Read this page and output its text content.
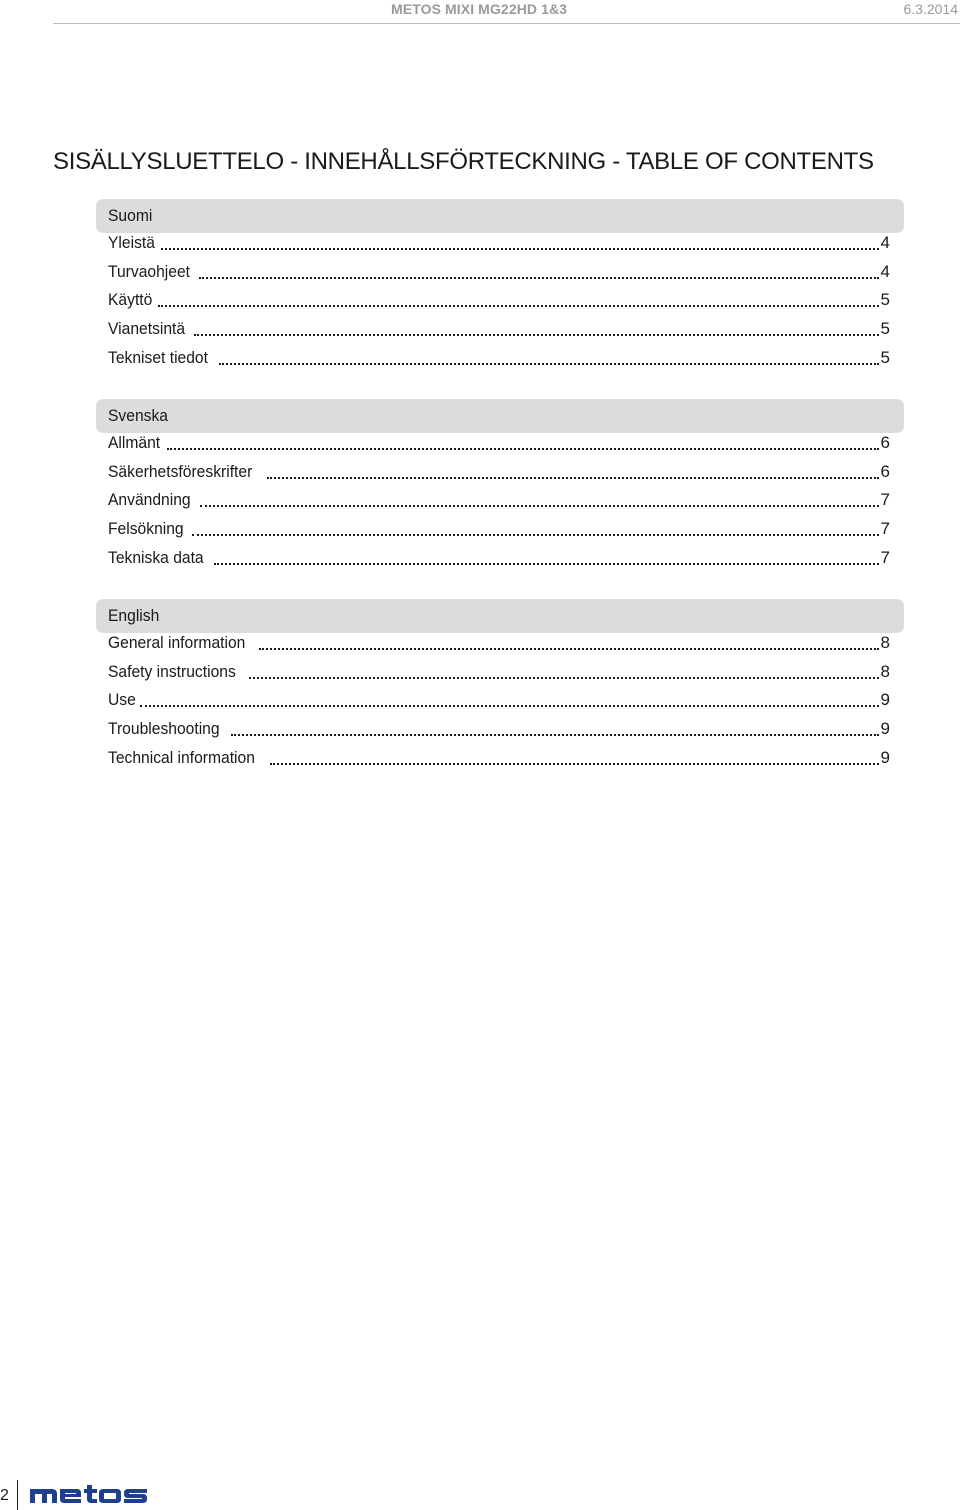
METOS MIXI MG22HD 1&3	6.3.2014
SISÄLLYSLUETTELO - INNEHÅLLSFÖRTECKNING - TABLE OF CONTENTS
Suomi
Yleistä	4
Turvaohjeet	4
Käyttö	5
Vianetsintä	5
Tekniset tiedot	5
Svenska
Allmänt	6
Säkerhetsföreskrifter	6
Användning	7
Felsökning	7
Tekniska data	7
English
General information	8
Safety instructions	8
Use	9
Troubleshooting	9
Technical information	9
2
